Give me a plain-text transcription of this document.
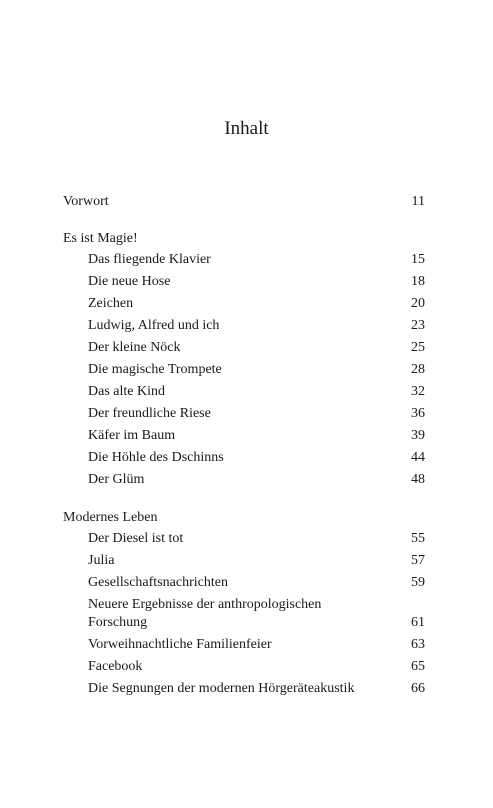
Inhalt
Vorwort	11
Es ist Magie!
Das fliegende Klavier	15
Die neue Hose	18
Zeichen	20
Ludwig, Alfred und ich	23
Der kleine Nöck	25
Die magische Trompete	28
Das alte Kind	32
Der freundliche Riese	36
Käfer im Baum	39
Die Höhle des Dschinns	44
Der Glüm	48
Modernes Leben
Der Diesel ist tot	55
Julia	57
Gesellschaftsnachrichten	59
Neuere Ergebnisse der anthropologischen
Forschung	61
Vorweihnachtliche Familienfeier	63
Facebook	65
Die Segnungen der modernen Hörgeräteakustik	66
